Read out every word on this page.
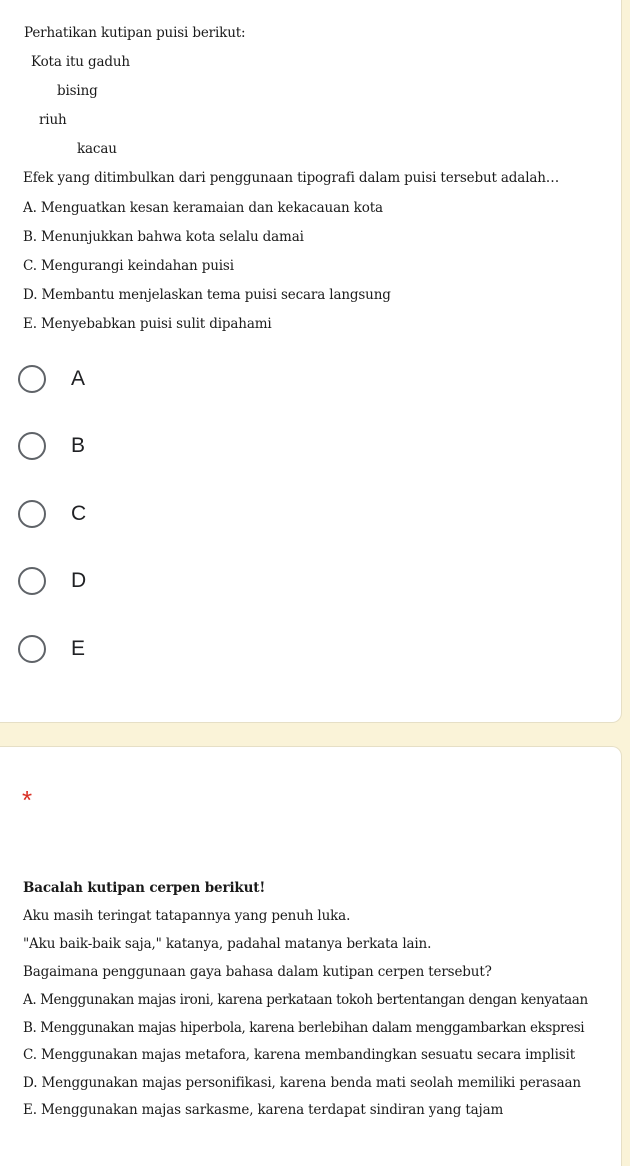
Perhatikan kutipan puisi berikut:
Kota itu gaduh
bising
riuh
kacau
Efek yang ditimbulkan dari penggunaan tipografi dalam puisi tersebut adalah…
A. Menguatkan kesan keramaian dan kekacauan kota
B. Menunjukkan bahwa kota selalu damai
C. Mengurangi keindahan puisi
D. Membantu menjelaskan tema puisi secara langsung
E. Menyebabkan puisi sulit dipahami
A
B
C
D
E
*
Bacalah kutipan cerpen berikut!
Aku masih teringat tatapannya yang penuh luka.
"Aku baik-baik saja," katanya, padahal matanya berkata lain.
Bagaimana penggunaan gaya bahasa dalam kutipan cerpen tersebut?
A. Menggunakan majas ironi, karena perkataan tokoh bertentangan dengan kenyataan
B. Menggunakan majas hiperbola, karena berlebihan dalam menggambarkan ekspresi
C. Menggunakan majas metafora, karena membandingkan sesuatu secara implisit
D. Menggunakan majas personifikasi, karena benda mati seolah memiliki perasaan
E. Menggunakan majas sarkasme, karena terdapat sindiran yang tajam
